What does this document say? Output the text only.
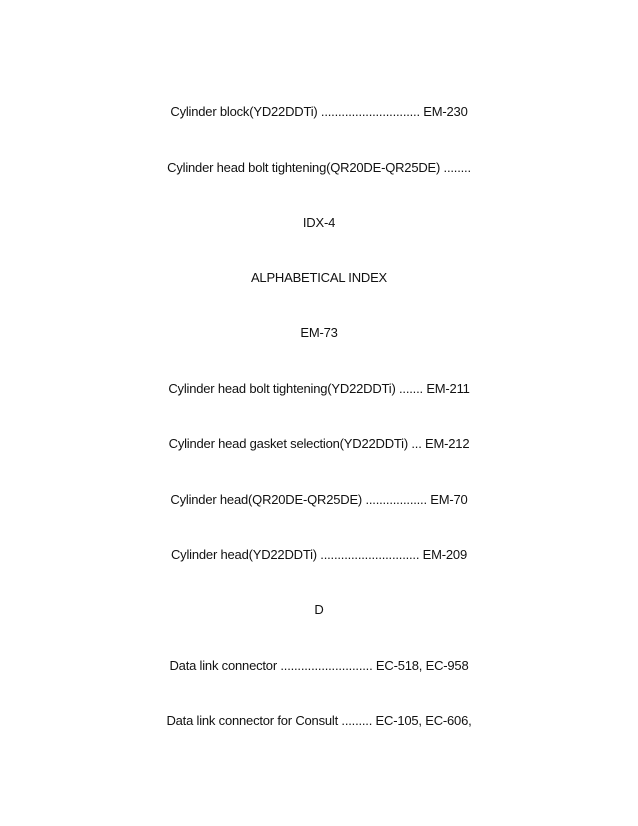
Cylinder block(YD22DDTi) ............................. EM-230
Cylinder head bolt tightening(QR20DE-QR25DE) ........
IDX-4
ALPHABETICAL INDEX
EM-73
Cylinder head bolt tightening(YD22DDTi) ....... EM-211
Cylinder head gasket selection(YD22DDTi) ... EM-212
Cylinder head(QR20DE-QR25DE) .................. EM-70
Cylinder head(YD22DDTi) ............................. EM-209
D
Data link connector ........................... EC-518, EC-958
Data link connector for Consult ......... EC-105, EC-606,
